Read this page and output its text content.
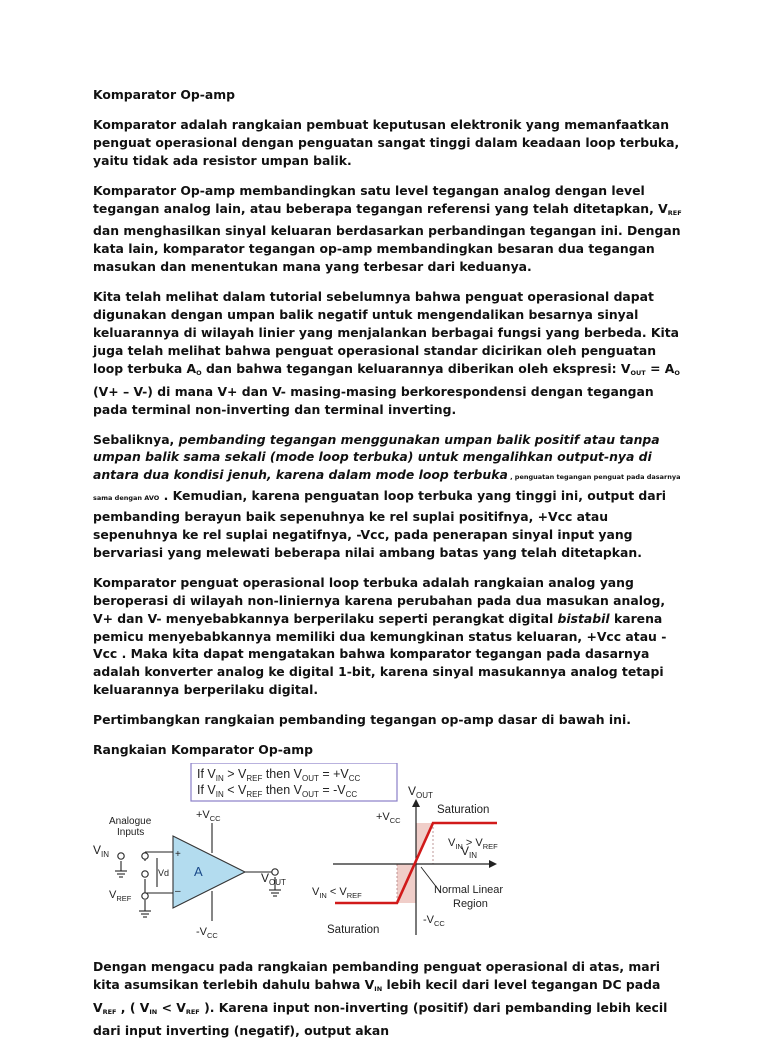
Komparator Op-amp

Komparator adalah rangkaian pembuat keputusan elektronik yang memanfaatkan penguat operasional dengan penguatan sangat tinggi dalam keadaan loop terbuka, yaitu tidak ada resistor umpan balik.

Komparator Op-amp membandingkan satu level tegangan analog dengan level tegangan analog lain, atau beberapa tegangan referensi yang telah ditetapkan, $V_{REF}$ dan menghasilkan sinyal keluaran berdasarkan perbandingan tegangan ini. Dengan kata lain, komparator tegangan op-amp membandingkan besaran dua tegangan masukan dan menentukan mana yang terbesar dari keduanya.

Kita telah melihat dalam tutorial sebelumnya bahwa penguat operasional dapat digunakan dengan umpan balik negatif untuk mengendalikan besarnya sinyal keluarannya di wilayah linier yang menjalankan berbagai fungsi yang berbeda. Kita juga telah melihat bahwa penguat operasional standar dicirikan oleh penguatan loop terbuka $A_O$ dan bahwa tegangan keluarannya diberikan oleh ekspresi: $V_{OUT} = A_O$ (V+ – V-) di mana V+ dan V- masing-masing berkorespondensi dengan tegangan pada terminal non-inverting dan terminal inverting.

Sebaliknya, pembanding tegangan menggunakan umpan balik positif atau tanpa umpan balik sama sekali (mode loop terbuka) untuk mengalihkan output-nya di antara dua kondisi jenuh, karena dalam mode loop terbuka , penguatan tegangan penguat pada dasarnya sama dengan AVO . Kemudian, karena penguatan loop terbuka yang tinggi ini, output dari pembanding berayun baik sepenuhnya ke rel suplai positifnya, +Vcc atau sepenuhnya ke rel suplai negatifnya, -Vcc, pada penerapan sinyal input yang bervariasi yang melewati beberapa nilai ambang batas yang telah ditetapkan.

Komparator penguat operasional loop terbuka adalah rangkaian analog yang beroperasi di wilayah non-liniernya karena perubahan pada dua masukan analog, V+ dan V- menyebabkannya berperilaku seperti perangkat digital bistabil karena pemicu menyebabkannya memiliki dua kemungkinan status keluaran, +Vcc atau -Vcc . Maka kita dapat mengatakan bahwa komparator tegangan pada dasarnya adalah konverter analog ke digital 1-bit, karena sinyal masukannya analog tetapi keluarannya berperilaku digital.

Pertimbangkan rangkaian pembanding tegangan op-amp dasar di bawah ini.

Rangkaian Komparator Op-amp

If $V_{IN} > V_{REF}$ then $V_{OUT} = +V_{CC}$
If $V_{IN} < V_{REF}$ then $V_{OUT} = -V_{CC}$
Analogue
Inputs
$+V_{CC}$
$-V_{CC}$
$V_{IN}$
$V_{REF}$
$V_{OUT}$
+
–
Vd A
$V_{OUT}$
$V_{IN}$
$+V_{CC}$
$-V_{CC}$
Saturation
Saturation
$V_{IN} > V_{REF}$
$V_{IN} < V_{REF}$	Normal Linear
Region

Dengan mengacu pada rangkaian pembanding penguat operasional di atas, mari kita asumsikan terlebih dahulu bahwa $V_{IN}$ lebih kecil dari level tegangan DC pada $V_{REF}$ , ( $V_{IN} < V_{REF}$ ). Karena input non-inverting (positif) dari pembanding lebih kecil dari input inverting (negatif), output akan
